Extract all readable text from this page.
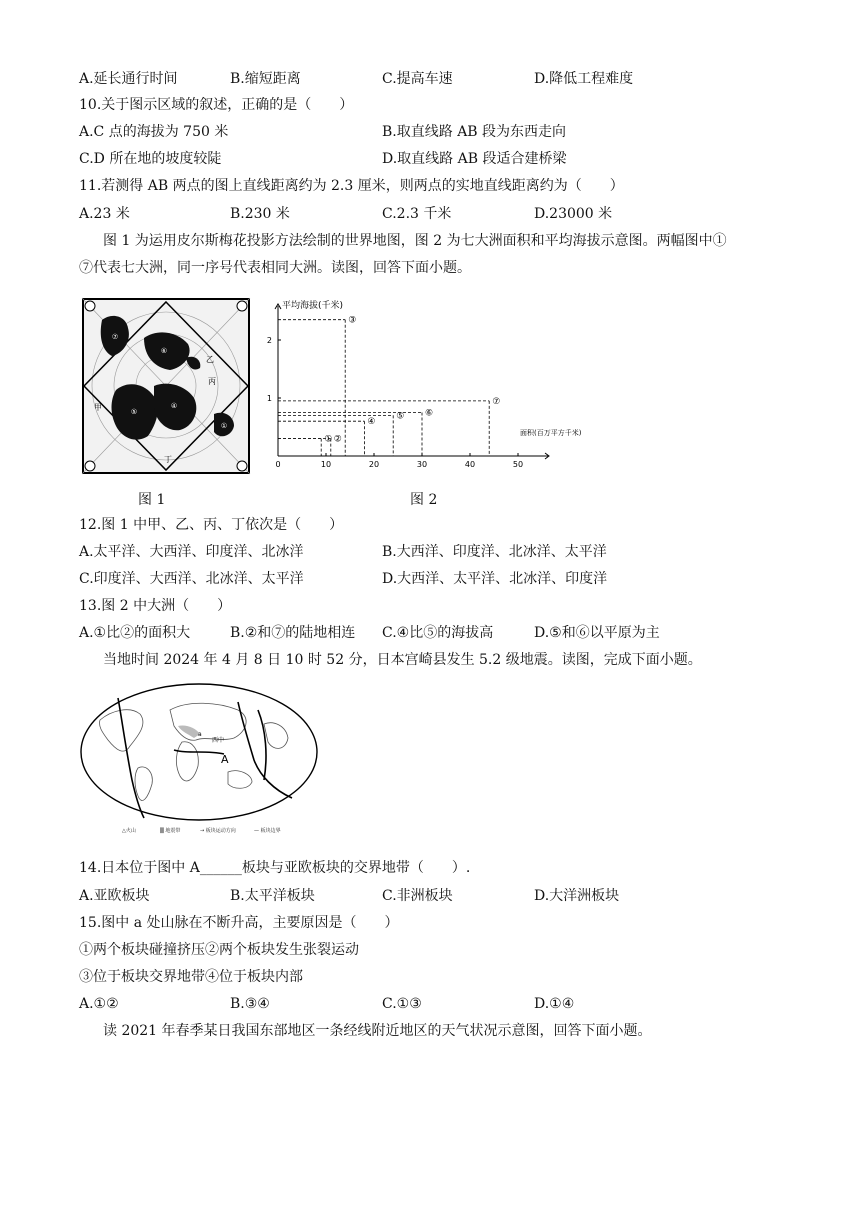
A.延长通行时间	B.缩短距离	C.提高车速	D.降低工程难度
10.关于图示区域的叙述，正确的是（　　）
A.C 点的海拔为 750 米	B.取直线路 AB 段为东西走向
C.D 所在地的坡度较陡	D.取直线路 AB 段适合建桥梁
11.若测得 AB 两点的图上直线距离约为 2.3 厘米，则两点的实地直线距离约为（　　）
A.23 米	B.230 米	C.2.3 千米	D.23000 米
图 1 为运用皮尔斯梅花投影方法绘制的世界地图，图 2 为七大洲面积和平均海拔示意图。两幅图中①
⑦代表七大洲，同一序号代表相同大洲。读图，回答下面小题。
⑦
⑥
⑤
④
①
甲
乙
丙
丁
图 1
平均海拔(千米)
面积(百万平方千米)
0	10	20	30	40	50
1
2
① ②
③
④
⑤ ⑥
⑦
图 2
12.图 1 中甲、乙、丙、丁依次是（　　）
A.太平洋、大西洋、印度洋、北冰洋	B.大西洋、印度洋、北冰洋、太平洋
C.印度洋、大西洋、北冰洋、太平洋	D.大西洋、太平洋、北冰洋、印度洋
13.图 2 中大洲（　　）
A.①比②的面积大	B.②和⑦的陆地相连 C.④比⑤的海拔高	D.⑤和⑥以平原为主
当地时间 2024 年 4 月 8 日 10 时 52 分，日本宫崎县发生 5.2 级地震。读图，完成下面小题。
A
西中
a
△火山	▒ 地震带	→ 板块运动方向	— 板块边界
14.日本位于图中 A______板块与亚欧板块的交界地带（　　）.
A.亚欧板块	B.太平洋板块	C.非洲板块	D.大洋洲板块
15.图中 a 处山脉在不断升高，主要原因是（　　）
①两个板块碰撞挤压②两个板块发生张裂运动
③位于板块交界地带④位于板块内部
A.①②	B.③④	C.①③	D.①④
读 2021 年春季某日我国东部地区一条经线附近地区的天气状况示意图，回答下面小题。
